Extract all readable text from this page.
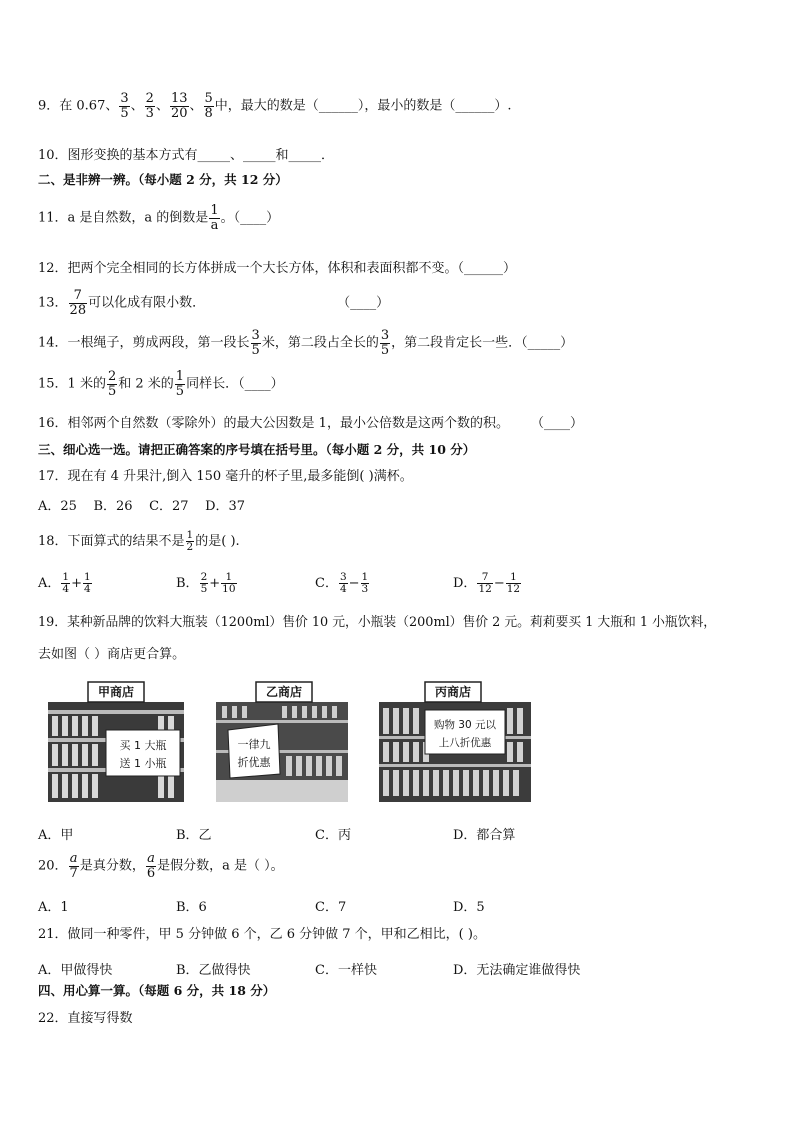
9．在 0.67、 $\frac{3}{5}$ 、 $\frac{2}{3}$ 、 $\frac{13}{20}$ 、 $\frac{5}{8}$ 中，最大的数是（______），最小的数是（______）.
10．图形变换的基本方式有_____、_____和_____．
二、是非辨一辨。（每小题 2 分，共 12 分）
11．a 是自然数，a 的倒数是 $\frac{1}{a}$ 。（____）
12．把两个完全相同的长方体拼成一个大长方体，体积和表面积都不变。（______）
13． $\frac{7}{28}$ 可以化成有限小数．	（____）
14．一根绳子，剪成两段，第一段长 $\frac{3}{5}$ 米，第二段占全长的 $\frac{3}{5}$ ，第二段肯定长一些．（_____）
15．1 米的 $\frac{2}{5}$ 和 2 米的 $\frac{1}{5}$ 同样长．（____）
16．相邻两个自然数（零除外）的最大公因数是 1，最小公倍数是这两个数的积。 （____）
三、细心选一选。请把正确答案的序号填在括号里。（每小题 2 分，共 10 分）
17．现在有 4 升果汁,倒入 150 毫升的杯子里,最多能倒( )满杯。
A．25    B．26    C．27    D．37
18．下面算式的结果不是 $\frac{1}{2}$ 的是( ).
A． $\frac{1}{4} + \frac{1}{4}$	B． $\frac{2}{5} + \frac{1}{10}$	C． $\frac{3}{4} - \frac{1}{3}$	D． $\frac{7}{12} - \frac{1}{12}$
19．某种新品牌的饮料大瓶装（1200ml）售价 10 元，小瓶装（200ml）售价 2 元。莉莉要买 1 大瓶和 1 小瓶饮料，
去如图（ ）商店更合算。
甲商店
买 1 大瓶
送 1 小瓶
乙商店
一律九
折优惠
丙商店
购物 30 元以
上八折优惠
A．甲	B．乙	C．丙	D．都合算
20． $\frac{a}{7}$ 是真分数， $\frac{a}{6}$ 是假分数，a 是（ ）。
A．1	B．6	C．7	D．5
21．做同一种零件，甲 5 分钟做 6 个，乙 6 分钟做 7 个，甲和乙相比，( )。
A．甲做得快	B．乙做得快	C．一样快	D．无法确定谁做得快
四、用心算一算。（每题 6 分，共 18 分）
22．直接写得数
